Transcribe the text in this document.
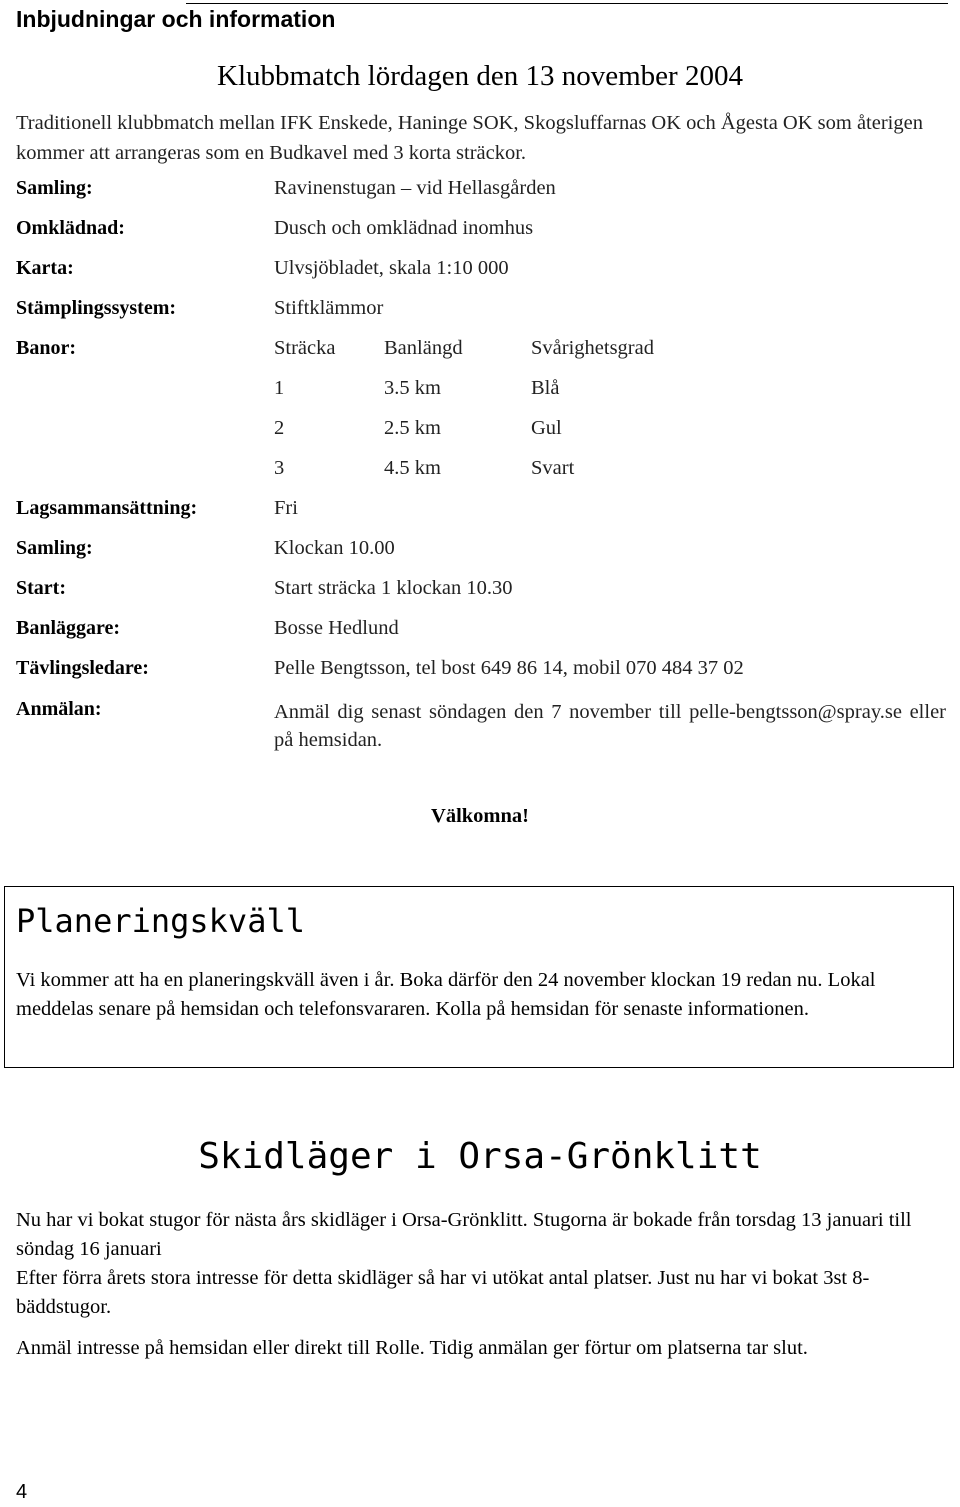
Inbjudningar och information
Klubbmatch lördagen den 13 november 2004
Traditionell klubbmatch mellan IFK Enskede, Haninge SOK, Skogsluffarnas OK och Ågesta OK som återigen kommer att arrangeras som en Budkavel med 3 korta sträckor.
Samling:	Ravinenstugan – vid Hellasgården
Omklädnad:	Dusch och omklädnad inomhus
Karta:	Ulvsjöbladet, skala 1:10 000
Stämplingssystem:	Stiftklämmor
Banor:	Sträcka Banlängd	Svårighetsgrad
1	3.5 km	Blå
2	2.5 km	Gul
3	4.5 km	Svart
Lagsammansättning:	Fri
Samling:	Klockan 10.00
Start:	Start sträcka 1 klockan 10.30
Banläggare:	Bosse Hedlund
Tävlingsledare:	Pelle Bengtsson, tel bost 649 86 14, mobil 070 484 37 02
Anmälan:	Anmäl dig senast söndagen den 7 november till pelle-bengtsson@spray.se eller på hemsidan.
Välkomna!
Planeringskväll
Vi kommer att ha en planeringskväll även i år. Boka därför den 24 november klockan 19 redan nu. Lokal meddelas senare på hemsidan och telefonsvararen. Kolla på hemsidan för senaste informationen.
Skidläger i Orsa-Grönklitt
Nu har vi bokat stugor för nästa års skidläger i Orsa-Grönklitt. Stugorna är bokade från torsdag 13 januari till söndag 16 januari
Efter förra årets stora intresse för detta skidläger så har vi utökat antal platser. Just nu har vi bokat 3st 8-bäddstugor.
Anmäl intresse på hemsidan eller direkt till Rolle. Tidig anmälan ger förtur om platserna tar slut.
4
